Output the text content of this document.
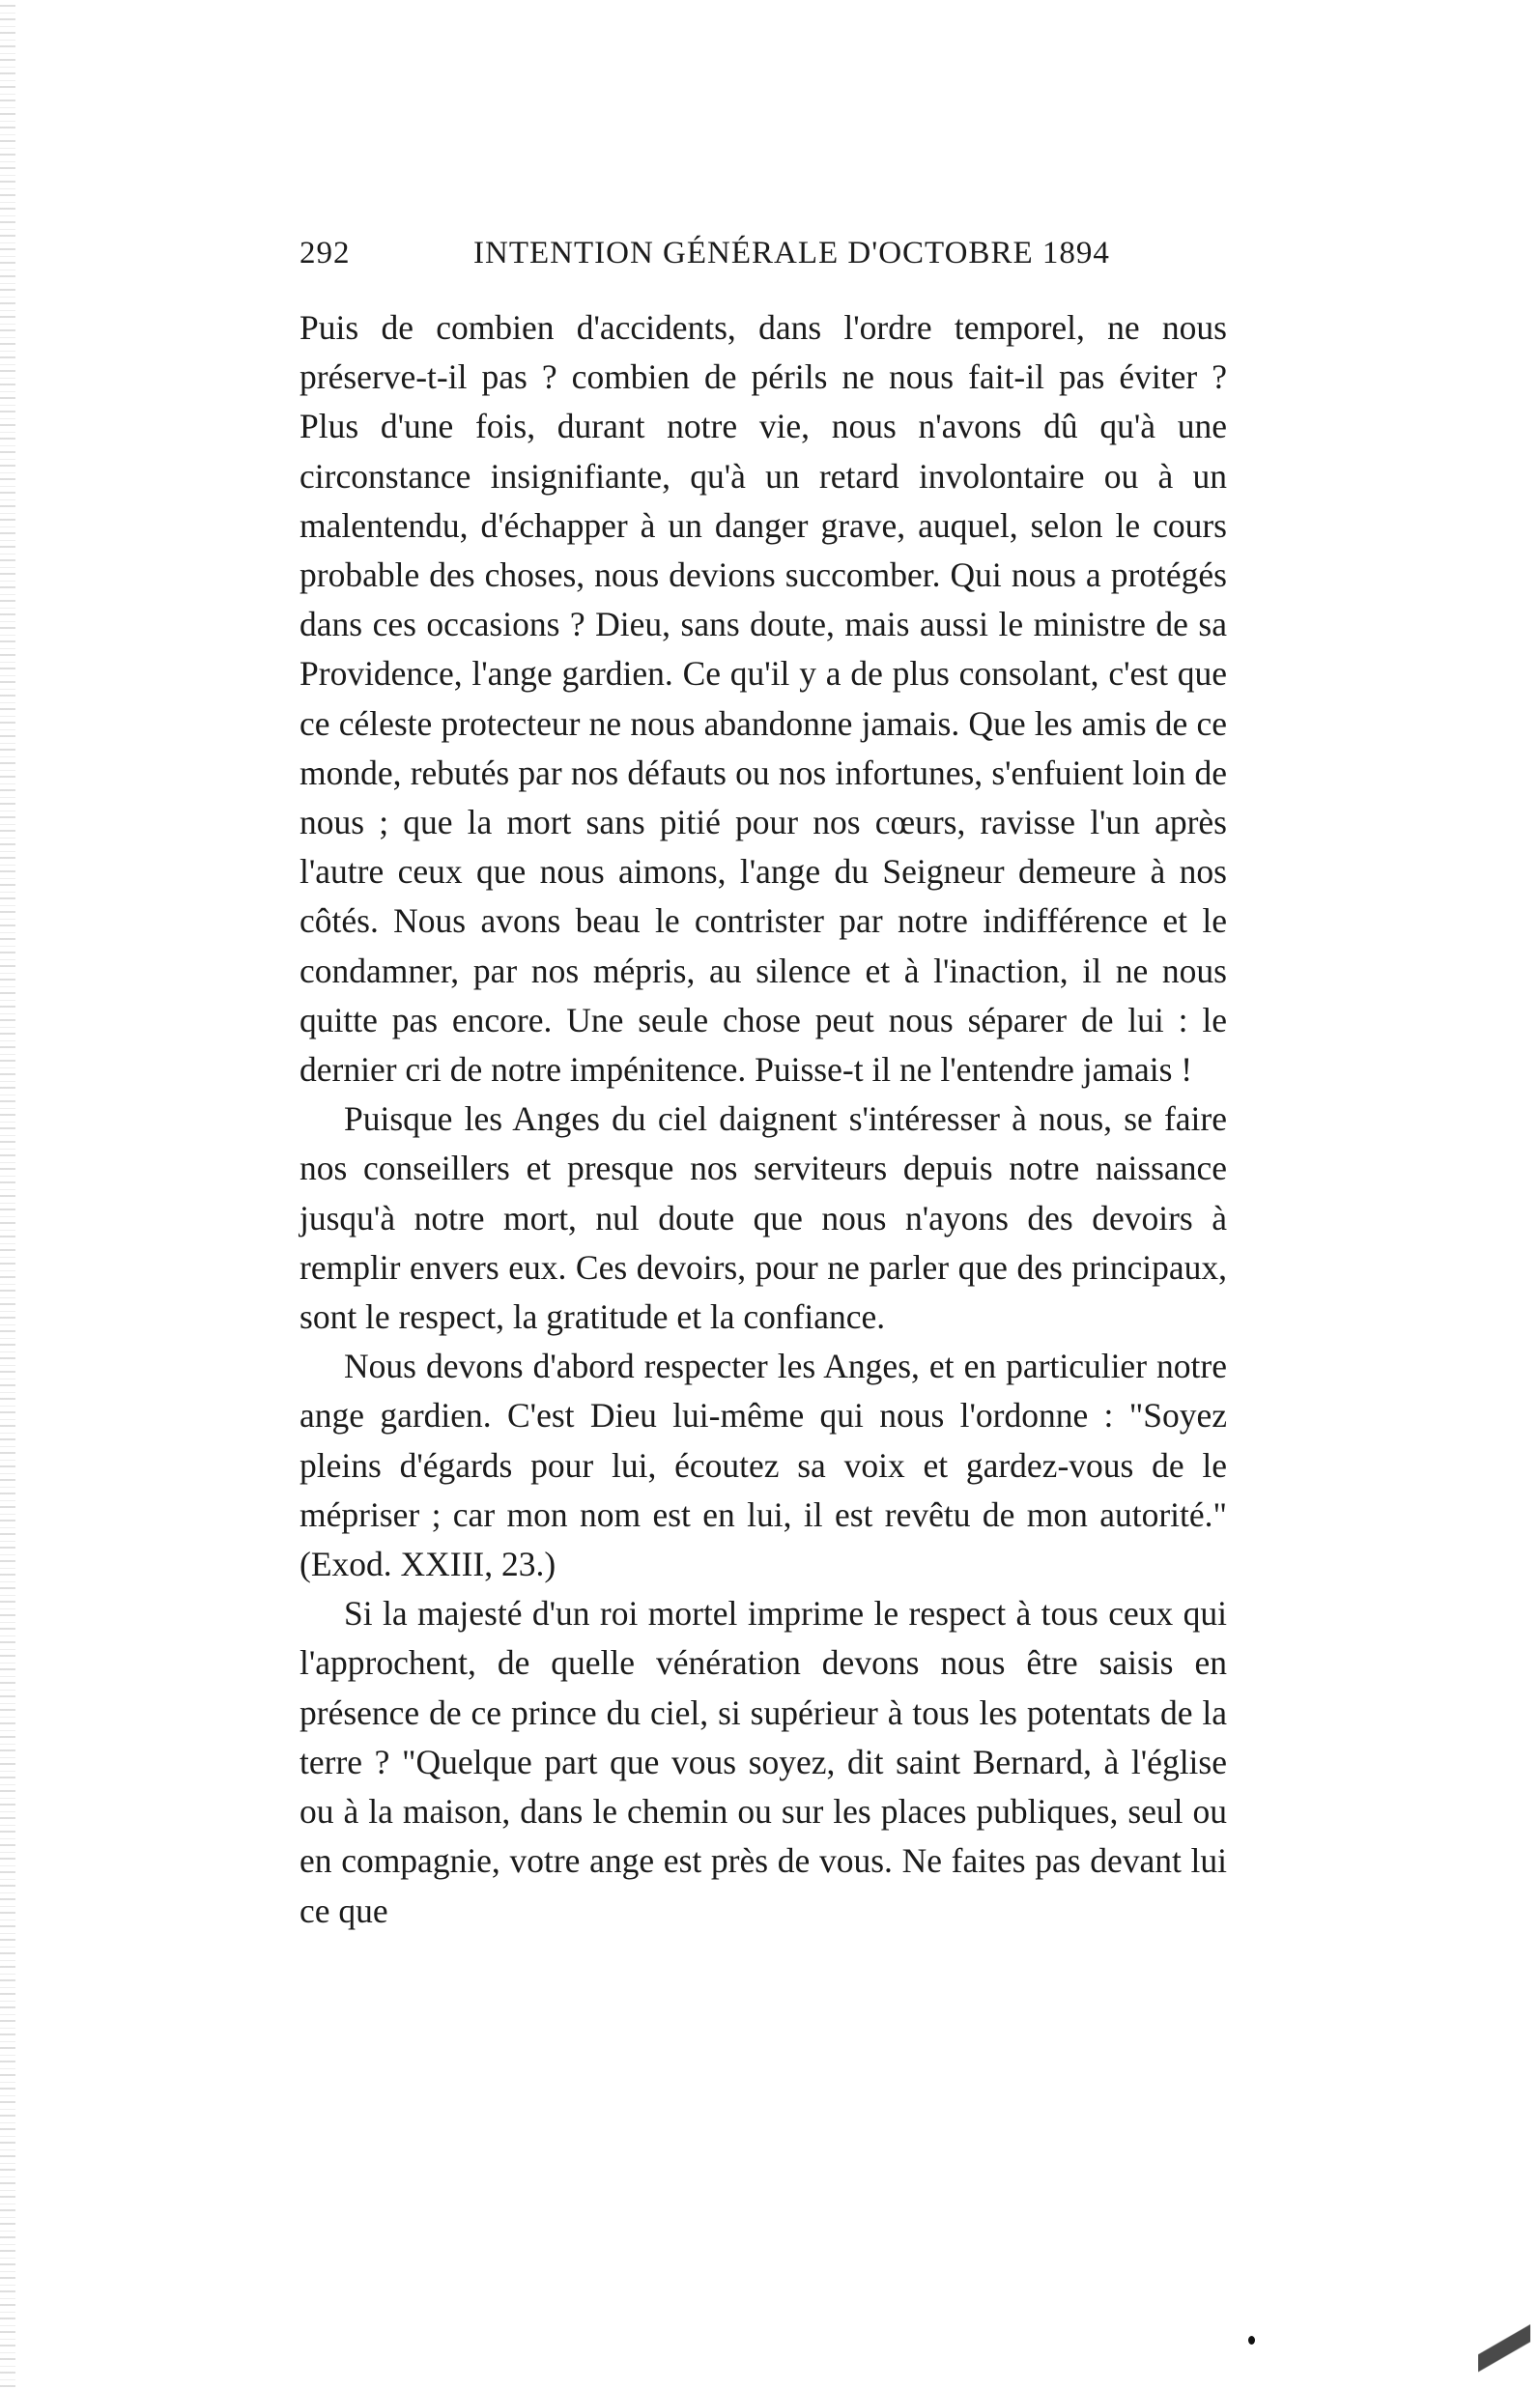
292	INTENTION GÉNÉRALE D'OCTOBRE 1894

Puis de combien d'accidents, dans l'ordre temporel, ne nous préserve-t-il pas ? combien de périls ne nous fait-il pas éviter ? Plus d'une fois, durant notre vie, nous n'avons dû qu'à une circonstance insignifiante, qu'à un retard involontaire ou à un malentendu, d'échapper à un danger grave, auquel, selon le cours probable des choses, nous devions succomber. Qui nous a protégés dans ces occasions ? Dieu, sans doute, mais aussi le ministre de sa Providence, l'ange gardien. Ce qu'il y a de plus consolant, c'est que ce céleste protecteur ne nous abandonne jamais. Que les amis de ce monde, rebutés par nos défauts ou nos infortunes, s'enfuient loin de nous ; que la mort sans pitié pour nos cœurs, ravisse l'un après l'autre ceux que nous aimons, l'ange du Seigneur demeure à nos côtés. Nous avons beau le contrister par notre indifférence et le condamner, par nos mépris, au silence et à l'inaction, il ne nous quitte pas encore. Une seule chose peut nous séparer de lui : le dernier cri de notre impénitence. Puisse-t il ne l'entendre jamais !

Puisque les Anges du ciel daignent s'intéresser à nous, se faire nos conseillers et presque nos serviteurs depuis notre naissance jusqu'à notre mort, nul doute que nous n'ayons des devoirs à remplir envers eux. Ces devoirs, pour ne parler que des principaux, sont le respect, la gratitude et la confiance.

Nous devons d'abord respecter les Anges, et en particulier notre ange gardien. C'est Dieu lui-même qui nous l'ordonne : "Soyez pleins d'égards pour lui, écoutez sa voix et gardez-vous de le mépriser ; car mon nom est en lui, il est revêtu de mon autorité." (Exod. XXIII, 23.)

Si la majesté d'un roi mortel imprime le respect à tous ceux qui l'approchent, de quelle vénération devons nous être saisis en présence de ce prince du ciel, si supérieur à tous les potentats de la terre ? "Quelque part que vous soyez, dit saint Bernard, à l'église ou à la maison, dans le chemin ou sur les places publiques, seul ou en compagnie, votre ange est près de vous. Ne faites pas devant lui ce que
